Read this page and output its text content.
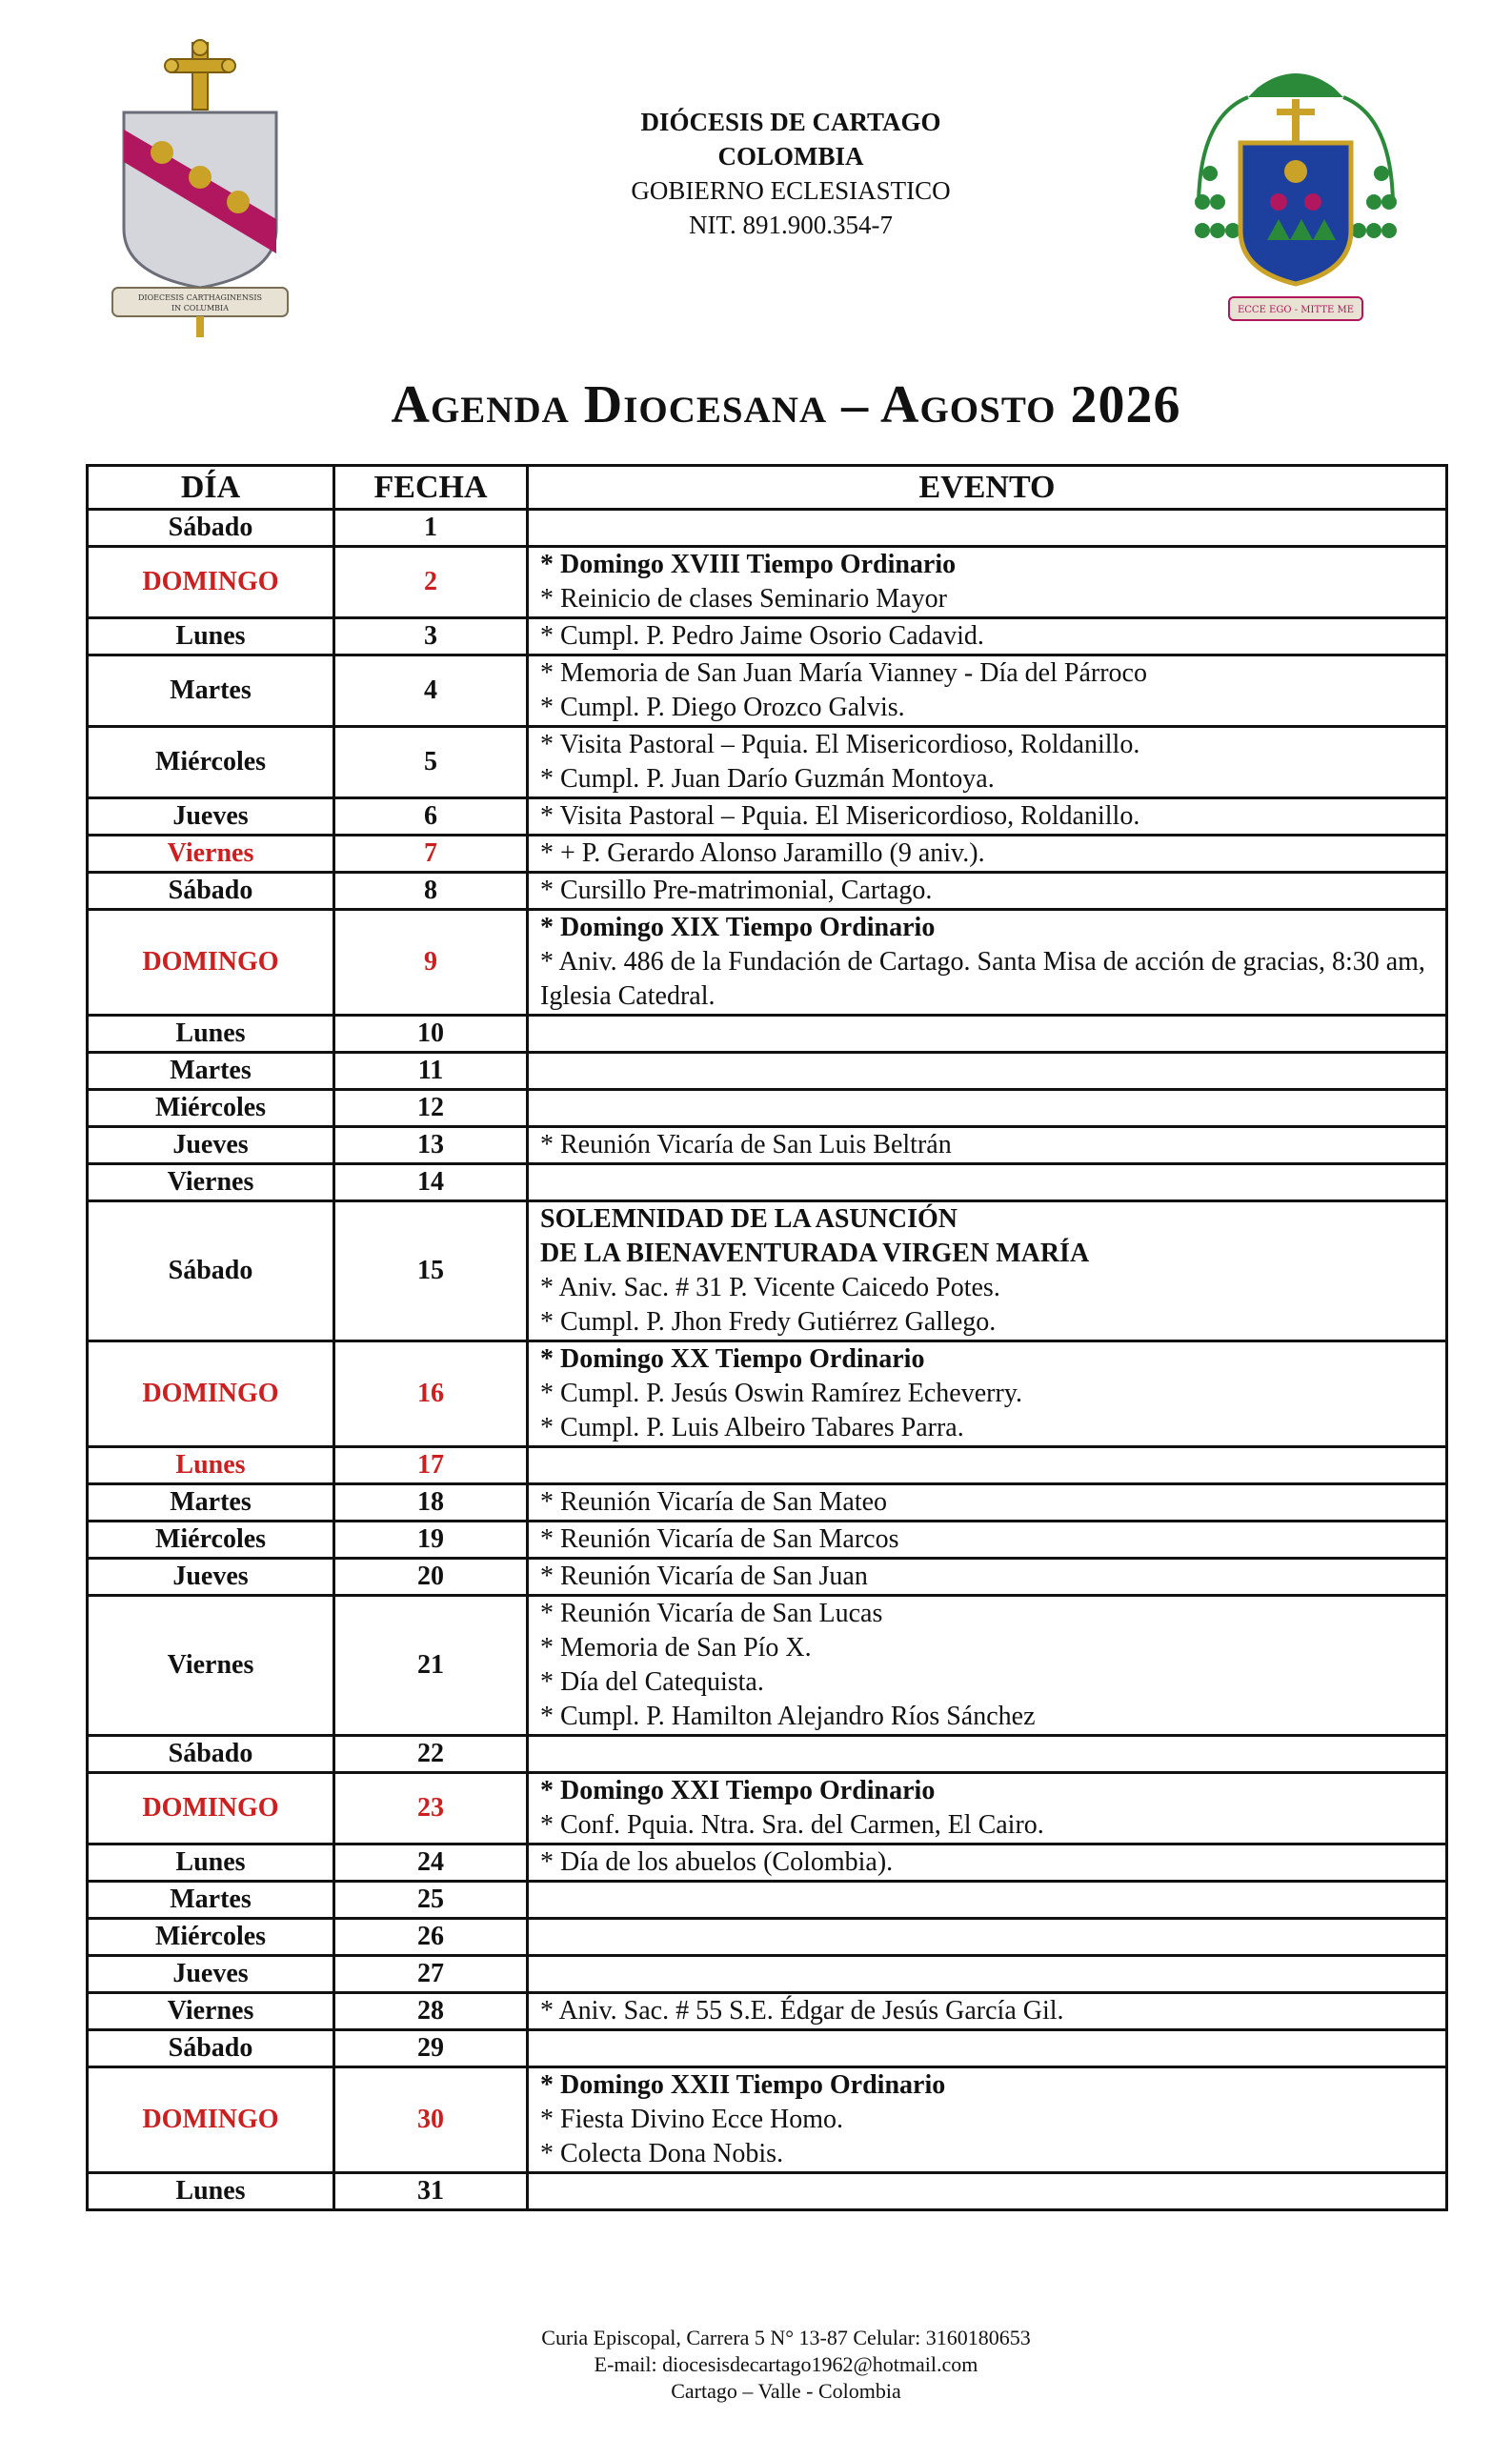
DIOECESIS CARTHAGINENSIS
IN COLUMBIA	ECCE EGO - MITTE ME
DIÓCESIS DE CARTAGO
COLOMBIA
GOBIERNO ECLESIASTICO
NIT. 891.900.354-7
Agenda Diocesana – Agosto 2026
DÍA	FECHA	EVENTO
Sábado	1	
DOMINGO	2	* Domingo XVIII Tiempo Ordinario
* Reinicio de clases Seminario Mayor

Lunes	3	* Cumpl. P. Pedro Jaime Osorio Cadavid.

Martes	4	* Memoria de San Juan María Vianney - Día del Párroco
* Cumpl. P. Diego Orozco Galvis.

Miércoles	5	* Visita Pastoral – Pquia. El Misericordioso, Roldanillo.
* Cumpl. P. Juan Darío Guzmán Montoya.

Jueves	6	* Visita Pastoral – Pquia. El Misericordioso, Roldanillo.

Viernes	7	* + P. Gerardo Alonso Jaramillo (9 aniv.).

Sábado	8	* Cursillo Pre-matrimonial, Cartago.

DOMINGO	9	* Domingo XIX Tiempo Ordinario
* Aniv. 486 de la Fundación de Cartago. Santa Misa de acción de gracias, 8:30 am, Iglesia Catedral.

Lunes	10	
Martes	11	
Miércoles	12	
Jueves	13	* Reunión Vicaría de San Luis Beltrán

Viernes	14	
Sábado	15	SOLEMNIDAD DE LA ASUNCIÓN
DE LA BIENAVENTURADA VIRGEN MARÍA
* Aniv. Sac. # 31 P. Vicente Caicedo Potes.
* Cumpl. P. Jhon Fredy Gutiérrez Gallego.

DOMINGO	16	* Domingo XX Tiempo Ordinario
* Cumpl. P. Jesús Oswin Ramírez Echeverry.
* Cumpl. P. Luis Albeiro Tabares Parra.

Lunes	17	
Martes	18	* Reunión Vicaría de San Mateo

Miércoles	19	* Reunión Vicaría de San Marcos

Jueves	20	* Reunión Vicaría de San Juan

Viernes	21	* Reunión Vicaría de San Lucas
* Memoria de San Pío X.
* Día del Catequista.
* Cumpl. P. Hamilton Alejandro Ríos Sánchez

Sábado	22	
DOMINGO	23	* Domingo XXI Tiempo Ordinario
* Conf. Pquia. Ntra. Sra. del Carmen, El Cairo.

Lunes	24	* Día de los abuelos (Colombia).

Martes	25	
Miércoles	26	
Jueves	27	
Viernes	28	* Aniv. Sac. # 55 S.E. Édgar de Jesús García Gil.

Sábado	29	
DOMINGO	30	* Domingo XXII Tiempo Ordinario
* Fiesta Divino Ecce Homo.
* Colecta Dona Nobis.

Lunes	31	
Curia Episcopal, Carrera 5 N° 13-87 Celular: 3160180653
E-mail: diocesisdecartago1962@hotmail.com
Cartago – Valle - Colombia
